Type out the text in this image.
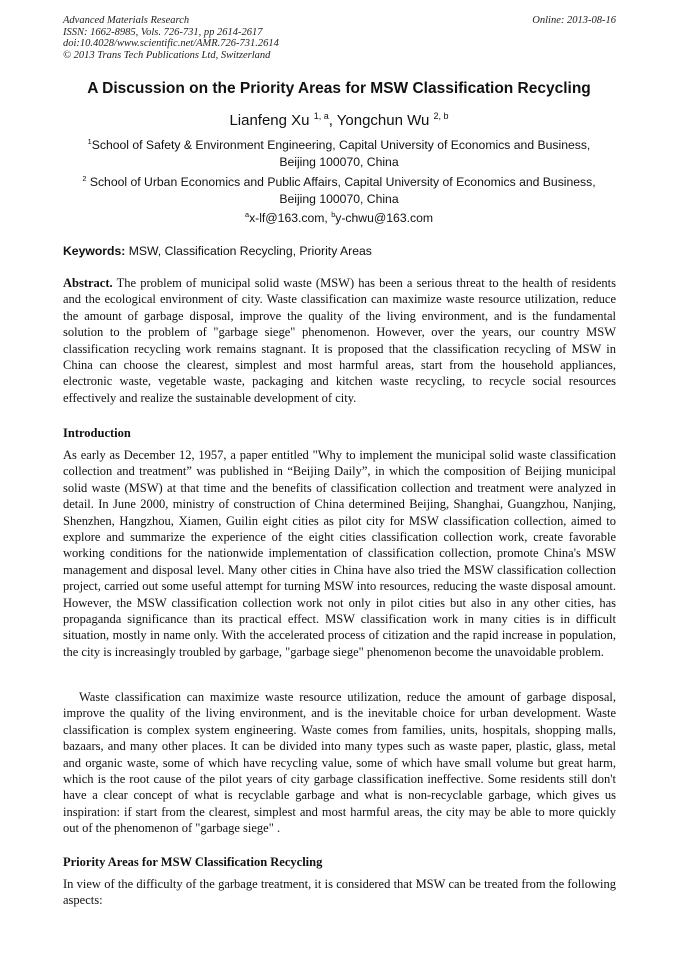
Advanced Materials Research
ISSN: 1662-8985, Vols. 726-731, pp 2614-2617
doi:10.4028/www.scientific.net/AMR.726-731.2614
© 2013 Trans Tech Publications Ltd, Switzerland
Online: 2013-08-16
A Discussion on the Priority Areas for MSW Classification Recycling
Lianfeng Xu $^{1, a}$, Yongchun Wu $^{2, b}$
$^1$School of Safety & Environment Engineering, Capital University of Economics and Business, Beijing 100070, China
$^2$ School of Urban Economics and Public Affairs, Capital University of Economics and Business, Beijing 100070, China
$^a$x-lf@163.com, $^b$y-chwu@163.com
Keywords: MSW, Classification Recycling, Priority Areas
Abstract. The problem of municipal solid waste (MSW) has been a serious threat to the health of residents and the ecological environment of city. Waste classification can maximize waste resource utilization, reduce the amount of garbage disposal, improve the quality of the living environment, and is the fundamental solution to the problem of "garbage siege" phenomenon. However, over the years, our country MSW classification recycling work remains stagnant. It is proposed that the classification recycling of MSW in China can choose the clearest, simplest and most harmful areas, start from the household appliances, electronic waste, vegetable waste, packaging and kitchen waste recycling, to recycle social resources effectively and realize the sustainable development of city.
Introduction
As early as December 12, 1957, a paper entitled "Why to implement the municipal solid waste classification collection and treatment” was published in “Beijing Daily”, in which the composition of Beijing municipal solid waste (MSW) at that time and the benefits of classification collection and treatment were analyzed in detail. In June 2000, ministry of construction of China determined Beijing, Shanghai, Guangzhou, Nanjing, Shenzhen, Hangzhou, Xiamen, Guilin eight cities as pilot city for MSW classification collection, aimed to explore and summarize the experience of the eight cities classification collection work, create favorable working conditions for the nationwide implementation of classification collection, promote China's MSW management and disposal level. Many other cities in China have also tried the MSW classification collection project, carried out some useful attempt for turning MSW into resources, reducing the waste disposal amount. However, the MSW classification collection work not only in pilot cities but also in any other cities, has propaganda significance than its practical effect. MSW classification work in many cities is in difficult situation, mostly in name only. With the accelerated process of citization and the rapid increase in population, the city is increasingly troubled by garbage, "garbage siege" phenomenon become the unavoidable problem.
Waste classification can maximize waste resource utilization, reduce the amount of garbage disposal, improve the quality of the living environment, and is the inevitable choice for urban development. Waste classification is complex system engineering. Waste comes from families, units, hospitals, shopping malls, bazaars, and many other places. It can be divided into many types such as waste paper, plastic, glass, metal and organic waste, some of which have recycling value, some of which have small volume but great harm, which is the root cause of the pilot years of city garbage classification ineffective. Some residents still don't have a clear concept of what is recyclable garbage and what is non-recyclable garbage, which gives us inspiration: if start from the clearest, simplest and most harmful areas, the city may be able to more quickly out of the phenomenon of "garbage siege" .
Priority Areas for MSW Classification Recycling
In view of the difficulty of the garbage treatment, it is considered that MSW can be treated from the following aspects:
